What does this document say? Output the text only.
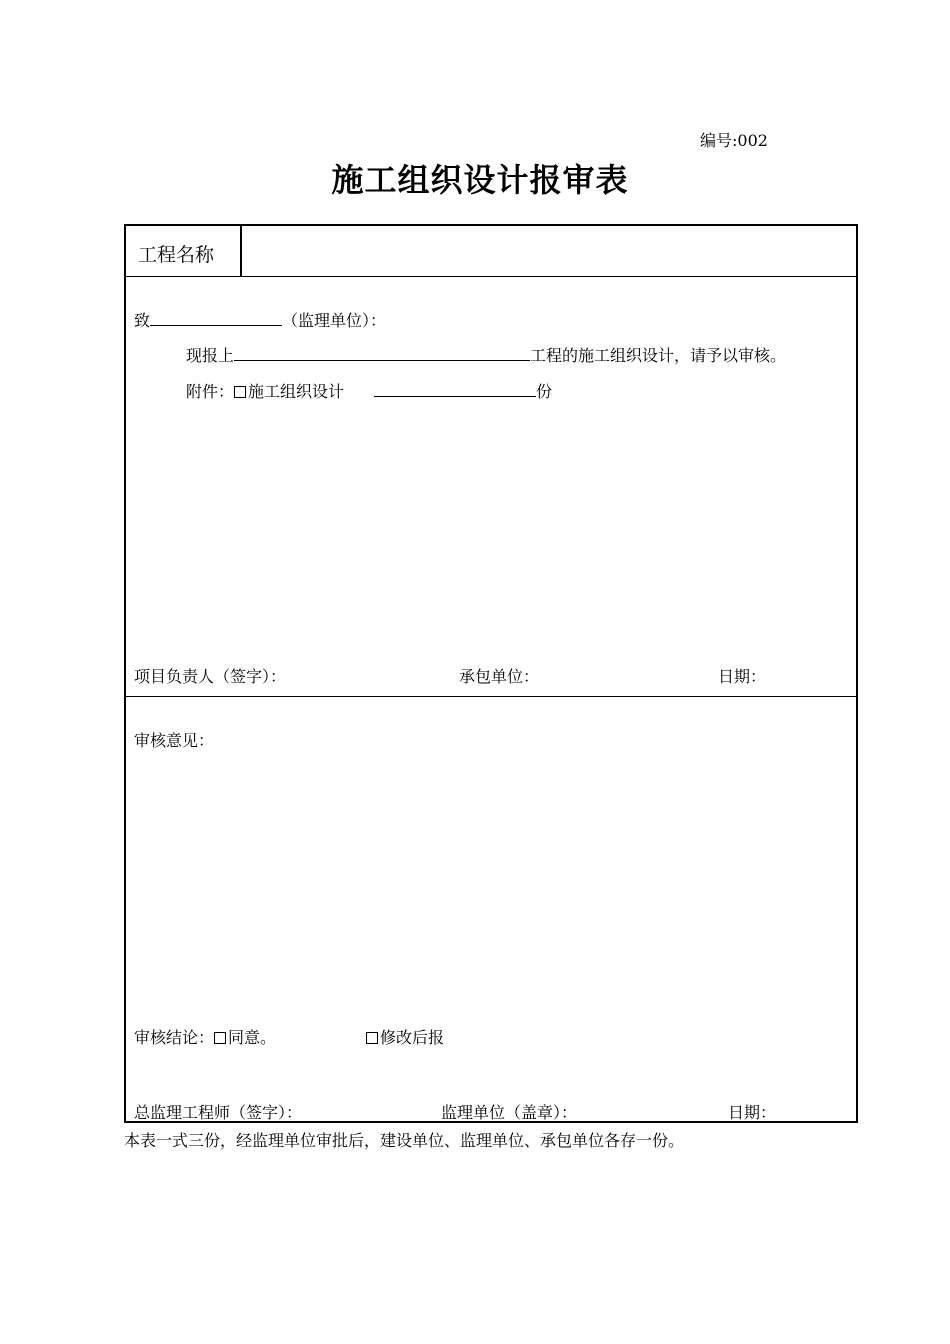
编号:002
施工组织设计报审表
工程名称
致	（监理单位）：
现报上	工程的施工组织设计，请予以审核。
附件： 施工组织设计	份
项目负责人（签字）：	承包单位：	日期：
审核意见：
审核结论： 同意。	修改后报
总监理工程师（签字）：	监理单位（盖章）：	日期：
本表一式三份，经监理单位审批后，建设单位、监理单位、承包单位各存一份。
